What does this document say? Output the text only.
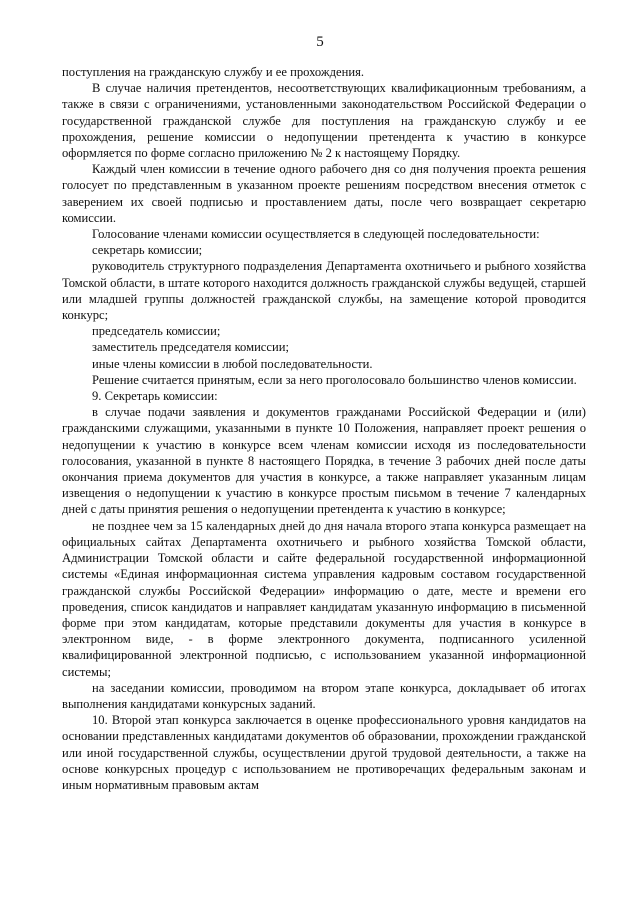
5

поступления на гражданскую службу и ее прохождения.

В случае наличия претендентов, несоответствующих квалификационным требованиям, а также в связи с ограничениями, установленными законодательством Российской Федерации о государственной гражданской службе для поступления на гражданскую службу и ее прохождения, решение комиссии о недопущении претендента к участию в конкурсе оформляется по форме согласно приложению № 2 к настоящему Порядку.

Каждый член комиссии в течение одного рабочего дня со дня получения проекта решения голосует по представленным в указанном проекте решениям посредством внесения отметок с заверением их своей подписью и проставлением даты, после чего возвращает секретарю комиссии.

Голосование членами комиссии осуществляется в следующей последовательности:

секретарь комиссии;

руководитель структурного подразделения Департамента охотничьего и рыбного хозяйства Томской области, в штате которого находится должность гражданской службы ведущей, старшей или младшей группы должностей гражданской службы, на замещение которой проводится конкурс;

председатель комиссии;

заместитель председателя комиссии;

иные члены комиссии в любой последовательности.

Решение считается принятым, если за него проголосовало большинство членов комиссии.

9. Секретарь комиссии:

в случае подачи заявления и документов гражданами Российской Федерации и (или) гражданскими служащими, указанными в пункте 10 Положения, направляет проект решения о недопущении к участию в конкурсе всем членам комиссии исходя из последовательности голосования, указанной в пункте 8 настоящего Порядка, в течение 3 рабочих дней после даты окончания приема документов для участия в конкурсе, а также направляет указанным лицам извещения о недопущении к участию в конкурсе простым письмом в течение 7 календарных дней с даты принятия решения о недопущении претендента к участию в конкурсе;

не позднее чем за 15 календарных дней до дня начала второго этапа конкурса размещает на официальных сайтах Департамента охотничьего и рыбного хозяйства Томской области, Администрации Томской области и сайте федеральной государственной информационной системы «Единая информационная система управления кадровым составом государственной гражданской службы Российской Федерации» информацию о дате, месте и времени его проведения, список кандидатов и направляет кандидатам указанную информацию в письменной форме при этом кандидатам, которые представили документы для участия в конкурсе в электронном виде, - в форме электронного документа, подписанного усиленной квалифицированной электронной подписью, с использованием указанной информационной системы;

на заседании комиссии, проводимом на втором этапе конкурса, докладывает об итогах выполнения кандидатами конкурсных заданий.

10. Второй этап конкурса заключается в оценке профессионального уровня кандидатов на основании представленных кандидатами документов об образовании, прохождении гражданской или иной государственной службы, осуществлении другой трудовой деятельности, а также на основе конкурсных процедур с использованием не противоречащих федеральным законам и иным нормативным правовым актам
